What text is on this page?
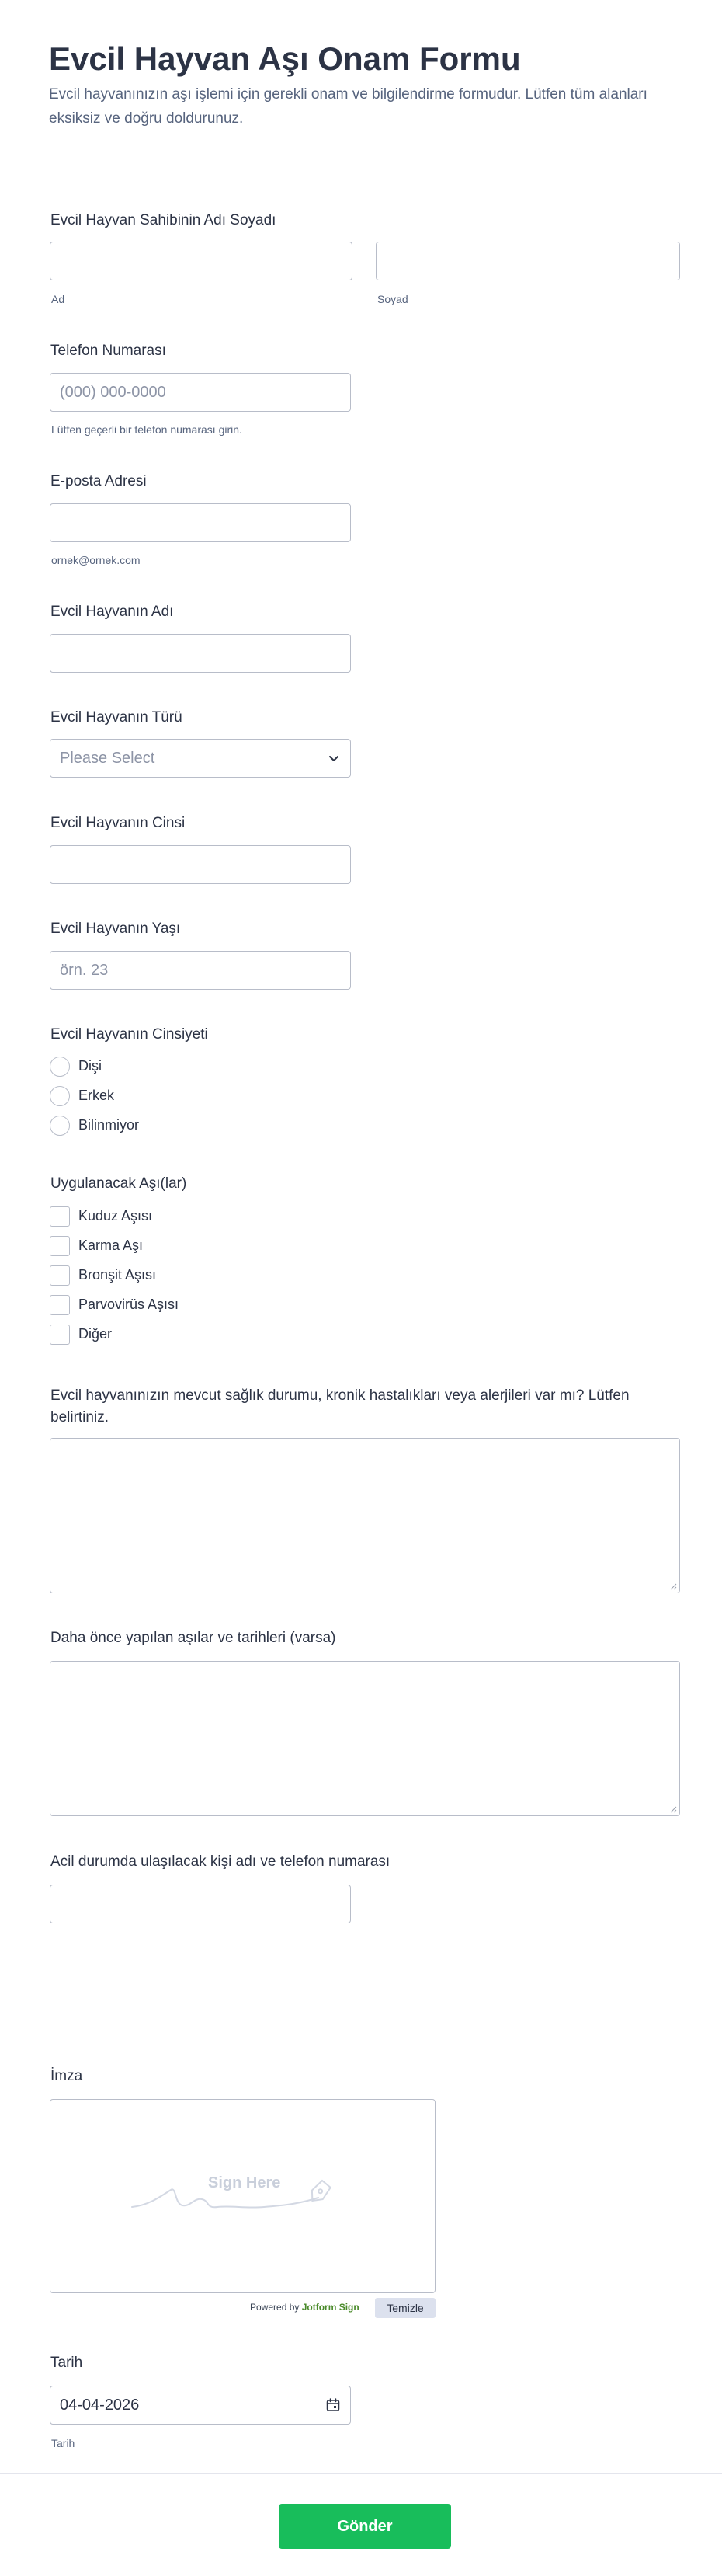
Evcil Hayvan Aşı Onam Formu

Evcil hayvanınızın aşı işlemi için gerekli onam ve bilgilendirme formudur. Lütfen tüm alanları eksiksiz ve doğru doldurunuz.

Evcil Hayvan Sahibinin Adı Soyadı
Ad	Soyad
Telefon Numarası
(000) 000-0000
Lütfen geçerli bir telefon numarası girin.
E-posta Adresi
ornek@ornek.com
Evcil Hayvanın Adı
Evcil Hayvanın Türü
Please Select
Evcil Hayvanın Cinsi
Evcil Hayvanın Yaşı
örn. 23
Evcil Hayvanın Cinsiyeti
Dişi
Erkek
Bilinmiyor
Uygulanacak Aşı(lar)
Kuduz Aşısı
Karma Aşı
Bronşit Aşısı
Parvovirüs Aşısı
Diğer
Evcil hayvanınızın mevcut sağlık durumu, kronik hastalıkları veya alerjileri var mı? Lütfen belirtiniz.
Daha önce yapılan aşılar ve tarihleri (varsa)
Acil durumda ulaşılacak kişi adı ve telefon numarası
İmza
Sign Here
Powered by Jotform Sign	Temizle
Tarih
04-04-2026
Tarih
Gönder
